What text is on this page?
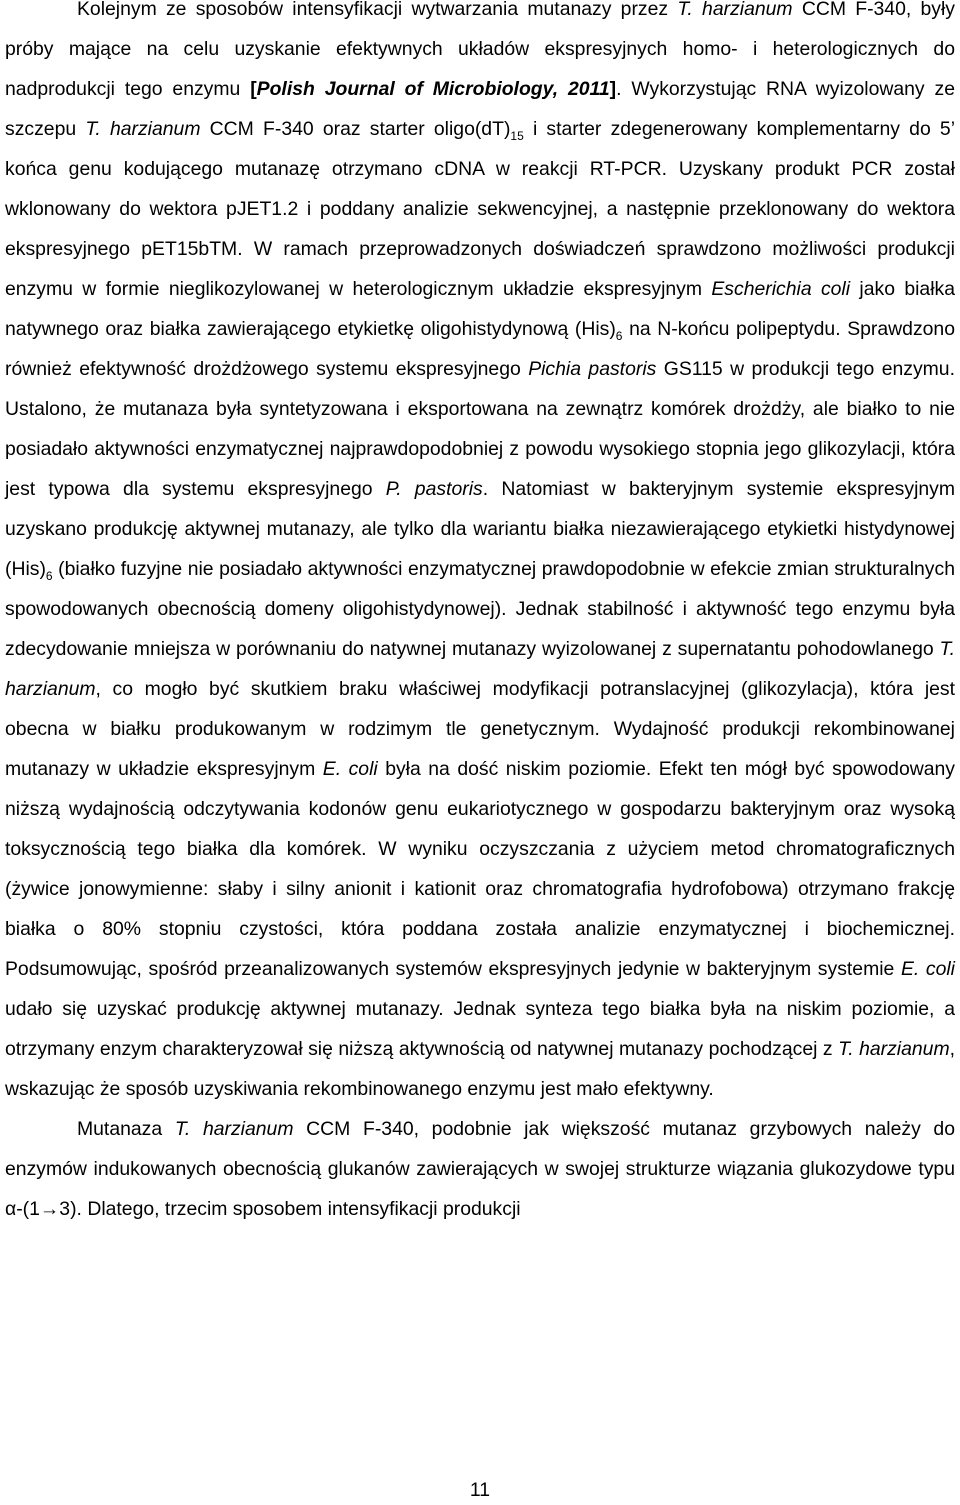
Kolejnym ze sposobów intensyfikacji wytwarzania mutanazy przez T. harzianum CCM F-340, były próby mające na celu uzyskanie efektywnych układów ekspresyjnych homo- i heterologicznych do nadprodukcji tego enzymu [Polish Journal of Microbiology, 2011]. Wykorzystując RNA wyizolowany ze szczepu T. harzianum CCM F-340 oraz starter $oligo(dT)_{15}$ i starter zdegenerowany komplementarny do 5’ końca genu kodującego mutanazę otrzymano cDNA w reakcji RT-PCR. Uzyskany produkt PCR został wklonowany do wektora pJET1.2 i poddany analizie sekwencyjnej, a następnie przeklonowany do wektora ekspresyjnego pET15bTM. W ramach przeprowadzonych doświadczeń sprawdzono możliwości produkcji enzymu w formie nieglikozylowanej w heterologicznym układzie ekspresyjnym Escherichia coli jako białka natywnego oraz białka zawierającego etykietkę oligohistydynową $(His)_6$ na N-końcu polipeptydu. Sprawdzono również efektywność drożdżowego systemu ekspresyjnego Pichia pastoris GS115 w produkcji tego enzymu. Ustalono, że mutanaza była syntetyzowana i eksportowana na zewnątrz komórek drożdży, ale białko to nie posiadało aktywności enzymatycznej najprawdopodobniej z powodu wysokiego stopnia jego glikozylacji, która jest typowa dla systemu ekspresyjnego P. pastoris. Natomiast w bakteryjnym systemie ekspresyjnym uzyskano produkcję aktywnej mutanazy, ale tylko dla wariantu białka niezawierającego etykietki histydynowej $(His)_6$ (białko fuzyjne nie posiadało aktywności enzymatycznej prawdopodobnie w efekcie zmian strukturalnych spowodowanych obecnością domeny oligohistydynowej). Jednak stabilność i aktywność tego enzymu była zdecydowanie mniejsza w porównaniu do natywnej mutanazy wyizolowanej z supernatantu pohodowlanego T. harzianum, co mogło być skutkiem braku właściwej modyfikacji potranslacyjnej (glikozylacja), która jest obecna w białku produkowanym w rodzimym tle genetycznym. Wydajność produkcji rekombinowanej mutanazy w układzie ekspresyjnym E. coli była na dość niskim poziomie. Efekt ten mógł być spowodowany niższą wydajnością odczytywania kodonów genu eukariotycznego w gospodarzu bakteryjnym oraz wysoką toksycznością tego białka dla komórek. W wyniku oczyszczania z użyciem metod chromatograficznych (żywice jonowymienne: słaby i silny anionit i kationit oraz chromatografia hydrofobowa) otrzymano frakcję białka o 80% stopniu czystości, która poddana została analizie enzymatycznej i biochemicznej. Podsumowując, spośród przeanalizowanych systemów ekspresyjnych jedynie w bakteryjnym systemie E. coli udało się uzyskać produkcję aktywnej mutanazy. Jednak synteza tego białka była na niskim poziomie, a otrzymany enzym charakteryzował się niższą aktywnością od natywnej mutanazy pochodzącej z T. harzianum, wskazując że sposób uzyskiwania rekombinowanego enzymu jest mało efektywny.

Mutanaza T. harzianum CCM F-340, podobnie jak większość mutanaz grzybowych należy do enzymów indukowanych obecnością glukanów zawierających w swojej strukturze wiązania glukozydowe typu α-(1→3). Dlatego, trzecim sposobem intensyfikacji produkcji

11
